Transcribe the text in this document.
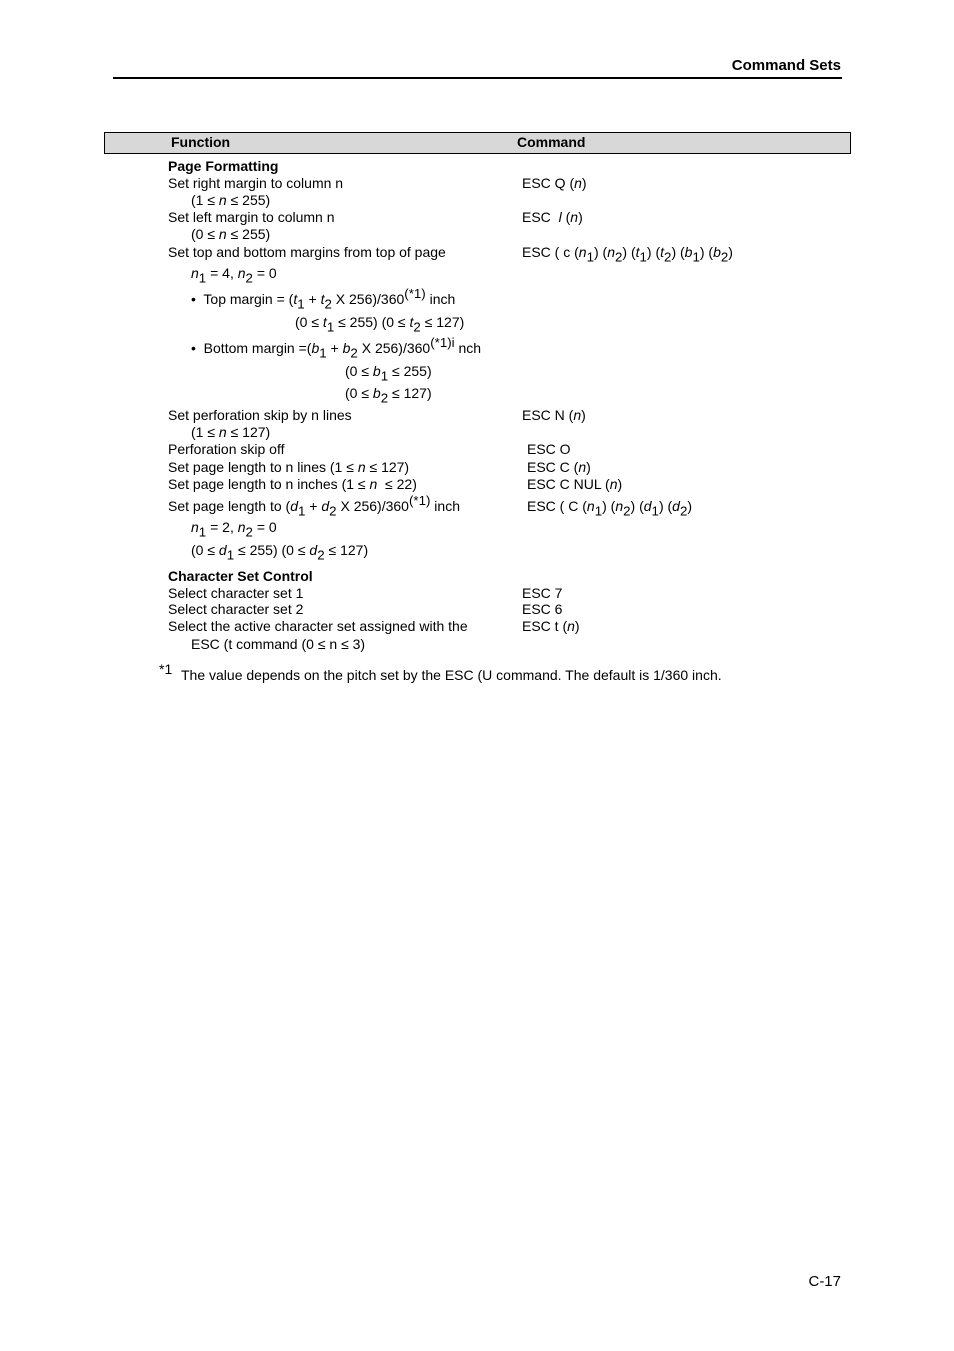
Command Sets
Function	Command
Page Formatting
Set right margin to column n	ESC Q (n)
(1 ≤ n ≤ 255)
Set left margin to column n	ESC  l (n)
(0 ≤ n ≤ 255)
Set top and bottom margins from top of page	ESC ( c $(n_1)$ $(n_2)$ $(t_1)$ $(t_2)$ $(b_1)$ $(b_2)$
$n_1 = 4$, $n_2 = 0$
•  Top margin = ($t_1 + t_2$ X $256)/360^{(*1)}$ inch
$(0 \le t_1 \le 255)$ $(0 \le t_2 \le 127)$
•  Bottom margin $=(b_1 + b_2$ X $256)/360^{(*1)i}$ nch
$(0 \le b_1 \le 255)$
$(0 \le b_2 \le 127)$
Set perforation skip by n lines	ESC N (n)
(1 ≤ n ≤ 127)
Perforation skip off	ESC O
Set page length to n lines (1 ≤ n ≤ 127)	ESC C (n)
Set page length to n inches (1 ≤ n  ≤ 22)	ESC C NUL (n)
Set page length to ($d_1 + d_2$ X $256)/360^{(*1)}$ inch	ESC ( C $(n_1)$ $(n_2)$ $(d_1)$ $(d_2)$
$n_1 = 2$, $n_2 = 0$
$(0 \le d_1 \le 255)$ $(0 \le d_2 \le 127)$
Character Set Control
Select character set 1	ESC 7
Select character set 2	ESC 6
Select the active character set assigned with the	ESC t (n)
ESC (t command (0 ≤ n ≤ 3)
*1 The value depends on the pitch set by the ESC (U command. The default is 1/360 inch.
C-17
